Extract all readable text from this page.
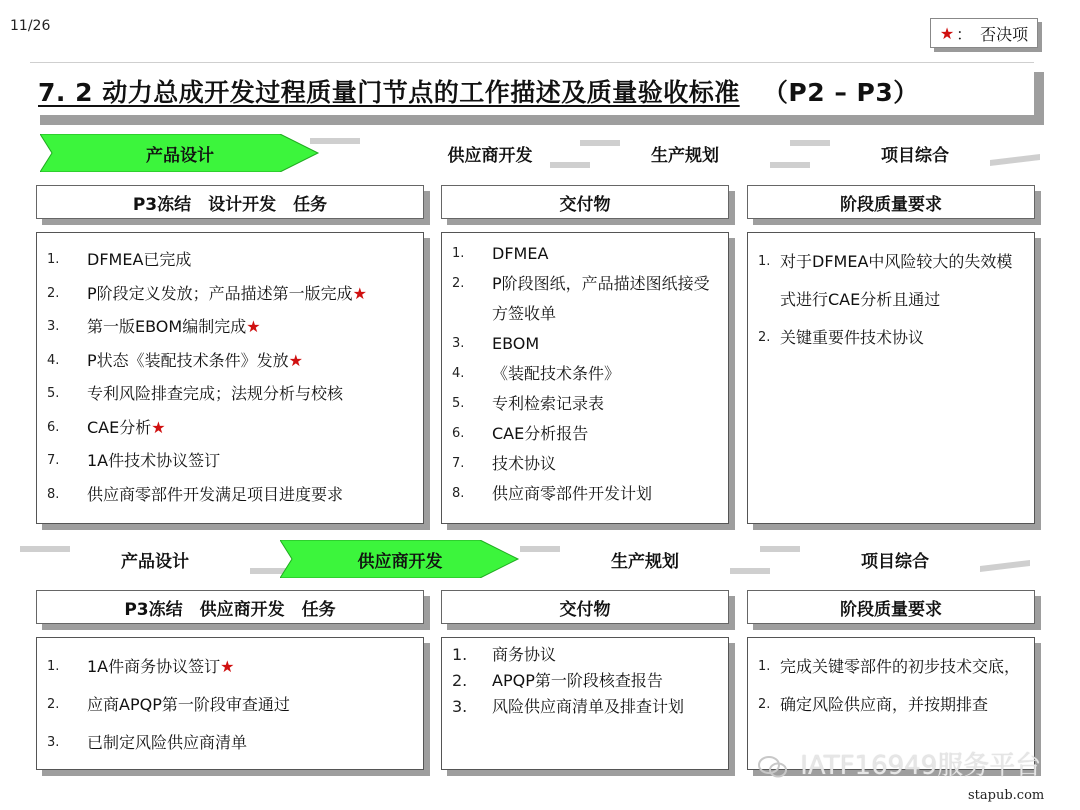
11/26	★ ： 否决项
7. 2 动力总成开发过程质量门节点的工作描述及质量验收标准 （P2 – P3）
产品设计	供应商开发	生产规划	项目综合
P3冻结　设计开发　任务	交付物	阶段质量要求
1. DFMEA已完成
2. P阶段定义发放；产品描述第一版完成★
3. 第一版EBOM编制完成★
4. P状态《装配技术条件》发放★
5. 专利风险排查完成；法规分析与校核
6. CAE分析★
7. 1A件技术协议签订
8. 供应商零部件开发满足项目进度要求
1. DFMEA
2. P阶段图纸，产品描述图纸接受方签收单
3. EBOM
4. 《装配技术条件》
5. 专利检索记录表
6. CAE分析报告
7. 技术协议
8. 供应商零部件开发计划
1. 对于DFMEA中风险较大的失效模式进行CAE分析且通过
2. 关键重要件技术协议
产品设计	供应商开发	生产规划	项目综合
P3冻结　供应商开发　任务	交付物	阶段质量要求
1. 1A件商务协议签订★
2. 应商APQP第一阶段审查通过
3. 已制定风险供应商清单
1. 商务协议
2. APQP第一阶段核查报告
3. 风险供应商清单及排查计划
1. 完成关键零部件的初步技术交底，
2. 确定风险供应商，并按期排查
IATF16949服务平台
stapub.com
